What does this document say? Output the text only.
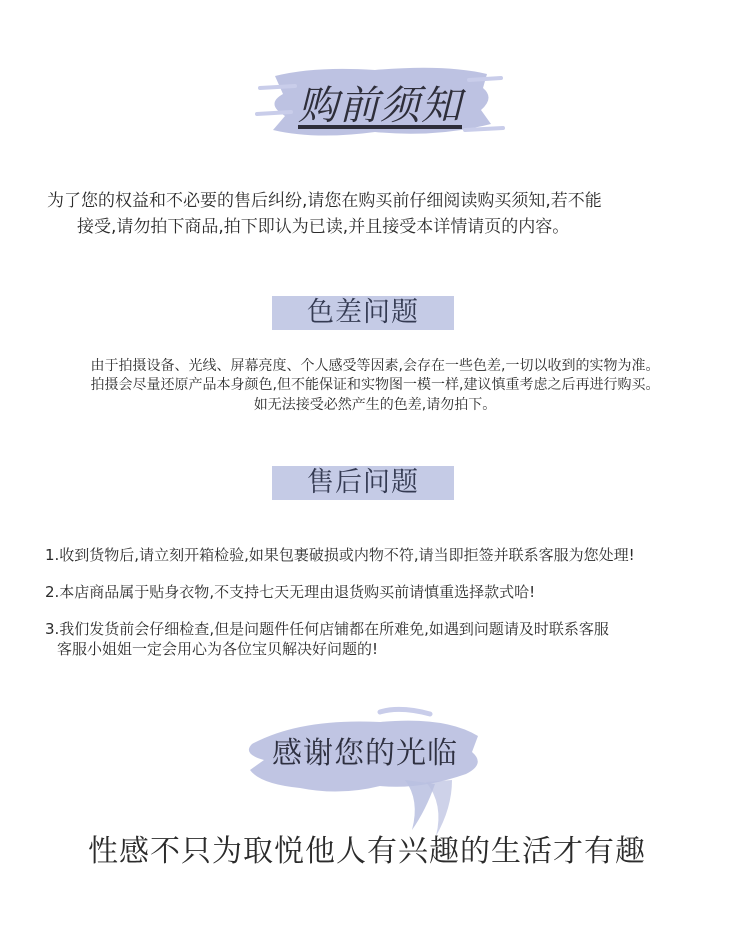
购前须知
为了您的权益和不必要的售后纠纷,请您在购买前仔细阅读购买须知,若不能
接受,请勿拍下商品,拍下即认为已读,并且接受本详情请页的内容。
色差问题
由于拍摄设备、光线、屏幕亮度、个人感受等因素,会存在一些色差,一切以收到的实物为准。
拍摄会尽量还原产品本身颜色,但不能保证和实物图一模一样,建议慎重考虑之后再进行购买。
如无法接受必然产生的色差,请勿拍下。
售后问题
1.收到货物后,请立刻开箱检验,如果包裹破损或内物不符,请当即拒签并联系客服为您处理!
2.本店商品属于贴身衣物,不支持七天无理由退货购买前请慎重选择款式哈!
3.我们发货前会仔细检查,但是问题件任何店铺都在所难免,如遇到问题请及时联系客服
客服小姐姐一定会用心为各位宝贝解决好问题的!
感谢您的光临
性感不只为取悦他人有兴趣的生活才有趣
